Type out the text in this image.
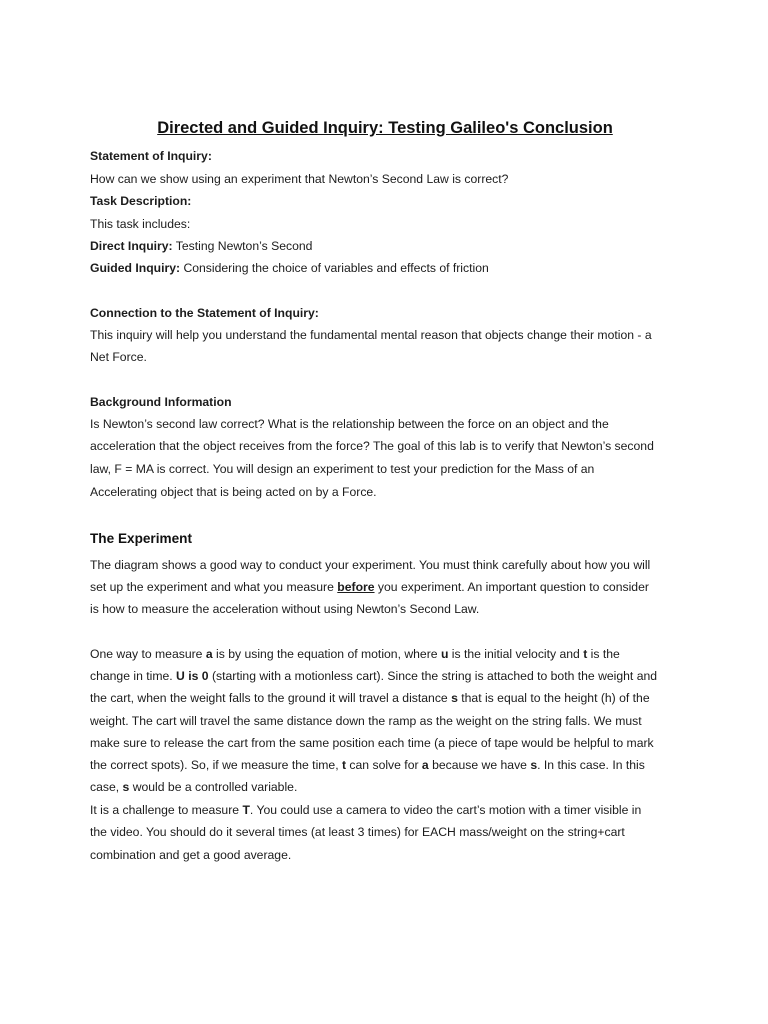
Directed and Guided Inquiry: Testing Galileo's Conclusion
Statement of Inquiry:
How can we show using an experiment that Newton’s Second Law is correct?
Task Description:
This task includes:
Direct Inquiry: Testing Newton’s Second
Guided Inquiry: Considering the choice of variables and effects of friction
Connection to the Statement of Inquiry:
This inquiry will help you understand the fundamental mental reason that objects change their motion - a
Net Force.
Background Information
Is Newton’s second law correct? What is the relationship between the force on an object and the
acceleration that the object receives from the force? The goal of this lab is to verify that Newton’s second
law, F = MA is correct. You will design an experiment to test your prediction for the Mass of an
Accelerating object that is being acted on by a Force.
The Experiment
The diagram shows a good way to conduct your experiment. You must think carefully about how you will
set up the experiment and what you measure before you experiment. An important question to consider
is how to measure the acceleration without using Newton’s Second Law.
One way to measure a is by using the equation of motion, where u is the initial velocity and t is the
change in time. U is 0 (starting with a motionless cart). Since the string is attached to both the weight and
the cart, when the weight falls to the ground it will travel a distance s that is equal to the height (h) of the
weight. The cart will travel the same distance down the ramp as the weight on the string falls. We must
make sure to release the cart from the same position each time (a piece of tape would be helpful to mark
the correct spots). So, if we measure the time, t can solve for a because we have s. In this case. In this
case, s would be a controlled variable.
It is a challenge to measure T. You could use a camera to video the cart’s motion with a timer visible in
the video. You should do it several times (at least 3 times) for EACH mass/weight on the string+cart
combination and get a good average.
